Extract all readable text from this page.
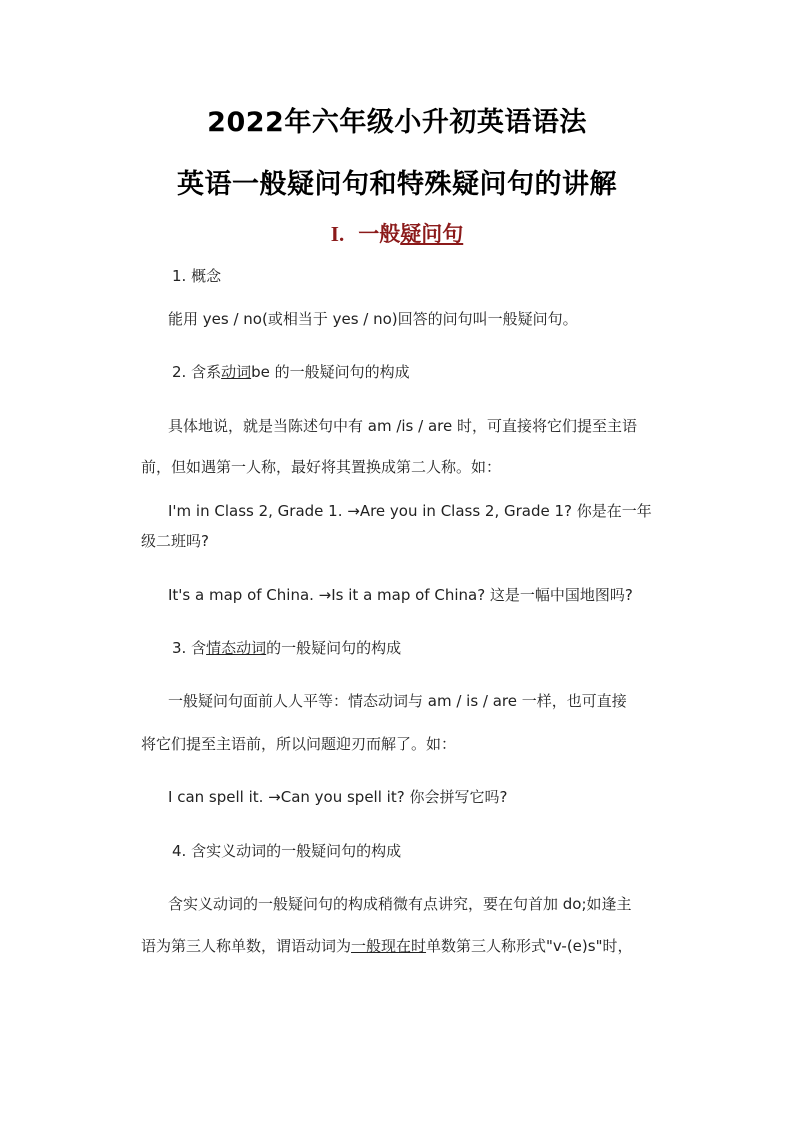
2022年六年级小升初英语语法
英语一般疑问句和特殊疑问句的讲解
I. 一般疑问句
1. 概念
能用 yes / no(或相当于 yes / no)回答的问句叫一般疑问句。
2. 含系动词be 的一般疑问句的构成
具体地说，就是当陈述句中有 am /is / are 时，可直接将它们提至主语
前，但如遇第一人称，最好将其置换成第二人称。如：
I'm in Class 2, Grade 1. →Are you in Class 2, Grade 1? 你是在一年
级二班吗?
It's a map of China. →Is it a map of China? 这是一幅中国地图吗?
3. 含情态动词的一般疑问句的构成
一般疑问句面前人人平等：情态动词与 am / is / are 一样，也可直接
将它们提至主语前，所以问题迎刃而解了。如：
I can spell it. →Can you spell it? 你会拼写它吗?
4. 含实义动词的一般疑问句的构成
含实义动词的一般疑问句的构成稍微有点讲究，要在句首加 do;如逢主
语为第三人称单数，谓语动词为一般现在时单数第三人称形式"v-(e)s"时，
